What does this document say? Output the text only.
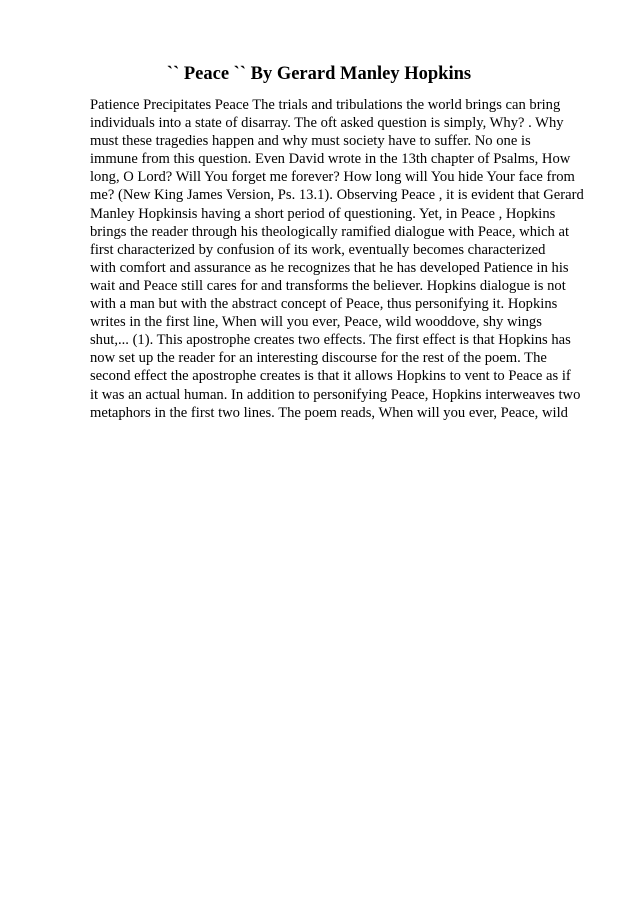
`` Peace `` By Gerard Manley Hopkins
Patience Precipitates Peace The trials and tribulations the world brings can bring
individuals into a state of disarray. The oft asked question is simply, Why? . Why
must these tragedies happen and why must society have to suffer. No one is
immune from this question. Even David wrote in the 13th chapter of Psalms, How
long, O Lord? Will You forget me forever? How long will You hide Your face from
me? (New King James Version, Ps. 13.1). Observing Peace , it is evident that Gerard
Manley Hopkinsis having a short period of questioning. Yet, in Peace , Hopkins
brings the reader through his theologically ramified dialogue with Peace, which at
first characterized by confusion of its work, eventually becomes characterized
with comfort and assurance as he recognizes that he has developed Patience in his
wait and Peace still cares for and transforms the believer. Hopkins dialogue is not
with a man but with the abstract concept of Peace, thus personifying it. Hopkins
writes in the first line, When will you ever, Peace, wild wooddove, shy wings
shut,... (1). This apostrophe creates two effects. The first effect is that Hopkins has
now set up the reader for an interesting discourse for the rest of the poem. The
second effect the apostrophe creates is that it allows Hopkins to vent to Peace as if
it was an actual human. In addition to personifying Peace, Hopkins interweaves two
metaphors in the first two lines. The poem reads, When will you ever, Peace, wild
